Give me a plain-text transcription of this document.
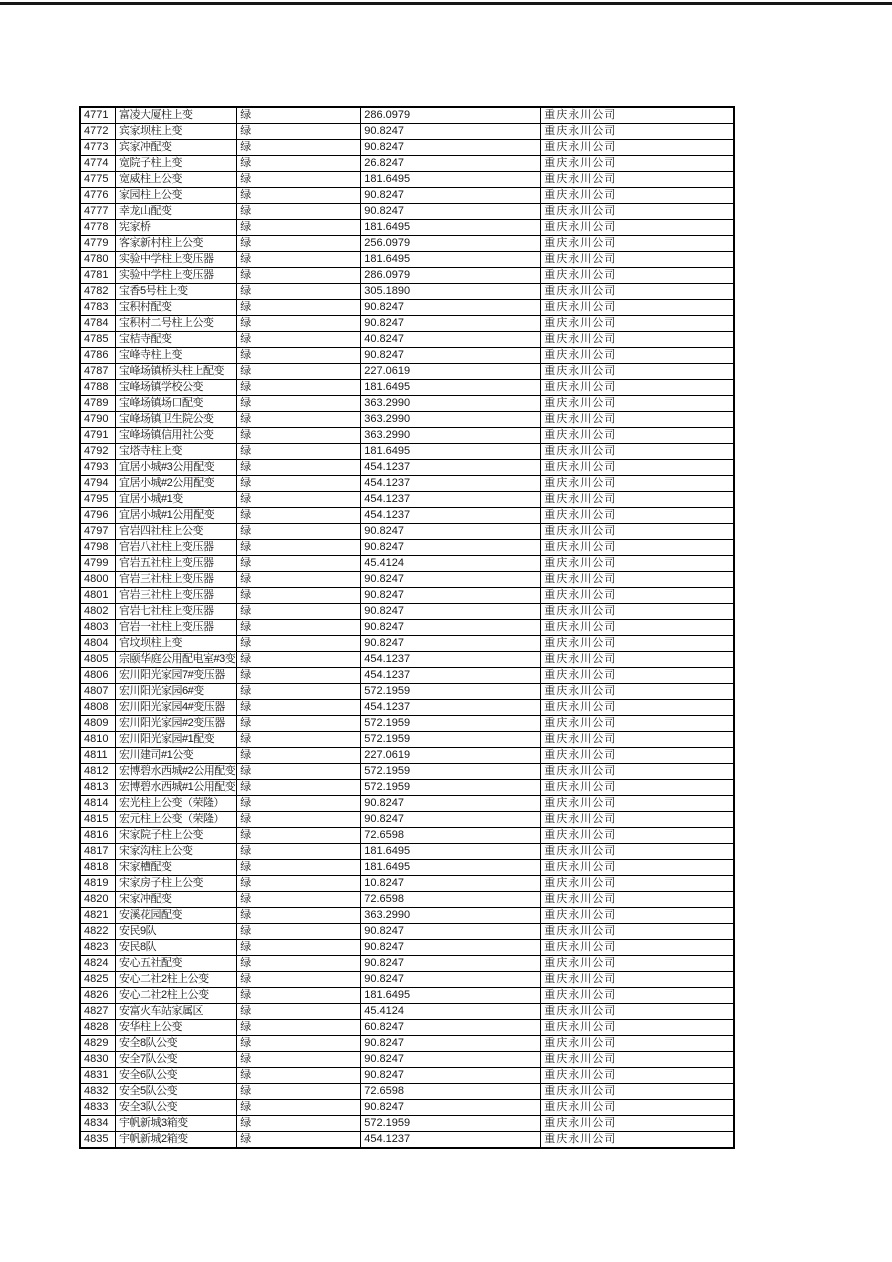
4771	富凌大厦柱上变	绿	286.0979	重庆永川公司
4772	宾家坝柱上变	绿	90.8247	重庆永川公司
4773	宾家冲配变	绿	90.8247	重庆永川公司
4774	宽院子柱上变	绿	26.8247	重庆永川公司
4775	宽威柱上公变	绿	181.6495	重庆永川公司
4776	家园柱上公变	绿	90.8247	重庆永川公司
4777	幸龙山配变	绿	90.8247	重庆永川公司
4778	宪家桥	绿	181.6495	重庆永川公司
4779	客家新村柱上公变	绿	256.0979	重庆永川公司
4780	实验中学柱上变压器	绿	181.6495	重庆永川公司
4781	实验中学柱上变压器	绿	286.0979	重庆永川公司
4782	宝香5号柱上变	绿	305.1890	重庆永川公司
4783	宝积村配变	绿	90.8247	重庆永川公司
4784	宝积村二号柱上公变	绿	90.8247	重庆永川公司
4785	宝桔寺配变	绿	40.8247	重庆永川公司
4786	宝峰寺柱上变	绿	90.8247	重庆永川公司
4787	宝峰场镇桥头柱上配变	绿	227.0619	重庆永川公司
4788	宝峰场镇学校公变	绿	181.6495	重庆永川公司
4789	宝峰场镇场口配变	绿	363.2990	重庆永川公司
4790	宝峰场镇卫生院公变	绿	363.2990	重庆永川公司
4791	宝峰场镇信用社公变	绿	363.2990	重庆永川公司
4792	宝塔寺柱上变	绿	181.6495	重庆永川公司
4793	宜居小城#3公用配变	绿	454.1237	重庆永川公司
4794	宜居小城#2公用配变	绿	454.1237	重庆永川公司
4795	宜居小城#1变	绿	454.1237	重庆永川公司
4796	宜居小城#1公用配变	绿	454.1237	重庆永川公司
4797	官岩四社柱上公变	绿	90.8247	重庆永川公司
4798	官岩八社柱上变压器	绿	90.8247	重庆永川公司
4799	官岩五社柱上变压器	绿	45.4124	重庆永川公司
4800	官岩三社柱上变压器	绿	90.8247	重庆永川公司
4801	官岩三社柱上变压器	绿	90.8247	重庆永川公司
4802	官岩七社柱上变压器	绿	90.8247	重庆永川公司
4803	官岩一社柱上变压器	绿	90.8247	重庆永川公司
4804	官坟坝柱上变	绿	90.8247	重庆永川公司
4805	宗颐华庭公用配电室#3变	绿	454.1237	重庆永川公司
4806	宏川阳光家园7#变压器	绿	454.1237	重庆永川公司
4807	宏川阳光家园6#变	绿	572.1959	重庆永川公司
4808	宏川阳光家园4#变压器	绿	454.1237	重庆永川公司
4809	宏川阳光家园#2变压器	绿	572.1959	重庆永川公司
4810	宏川阳光家园#1配变	绿	572.1959	重庆永川公司
4811	宏川建司#1公变	绿	227.0619	重庆永川公司
4812	宏博碧水西城#2公用配变	绿	572.1959	重庆永川公司
4813	宏博碧水西城#1公用配变	绿	572.1959	重庆永川公司
4814	宏光柱上公变（荣隆）	绿	90.8247	重庆永川公司
4815	宏元柱上公变（荣隆）	绿	90.8247	重庆永川公司
4816	宋家院子柱上公变	绿	72.6598	重庆永川公司
4817	宋家沟柱上公变	绿	181.6495	重庆永川公司
4818	宋家槽配变	绿	181.6495	重庆永川公司
4819	宋家房子柱上公变	绿	10.8247	重庆永川公司
4820	宋家冲配变	绿	72.6598	重庆永川公司
4821	安溪花园配变	绿	363.2990	重庆永川公司
4822	安民9队	绿	90.8247	重庆永川公司
4823	安民8队	绿	90.8247	重庆永川公司
4824	安心五社配变	绿	90.8247	重庆永川公司
4825	安心二社2柱上公变	绿	90.8247	重庆永川公司
4826	安心二社2柱上公变	绿	181.6495	重庆永川公司
4827	安富火车站家属区	绿	45.4124	重庆永川公司
4828	安华柱上公变	绿	60.8247	重庆永川公司
4829	安全8队公变	绿	90.8247	重庆永川公司
4830	安全7队公变	绿	90.8247	重庆永川公司
4831	安全6队公变	绿	90.8247	重庆永川公司
4832	安全5队公变	绿	72.6598	重庆永川公司
4833	安全3队公变	绿	90.8247	重庆永川公司
4834	宇帆新城3箱变	绿	572.1959	重庆永川公司
4835	宇帆新城2箱变	绿	454.1237	重庆永川公司
